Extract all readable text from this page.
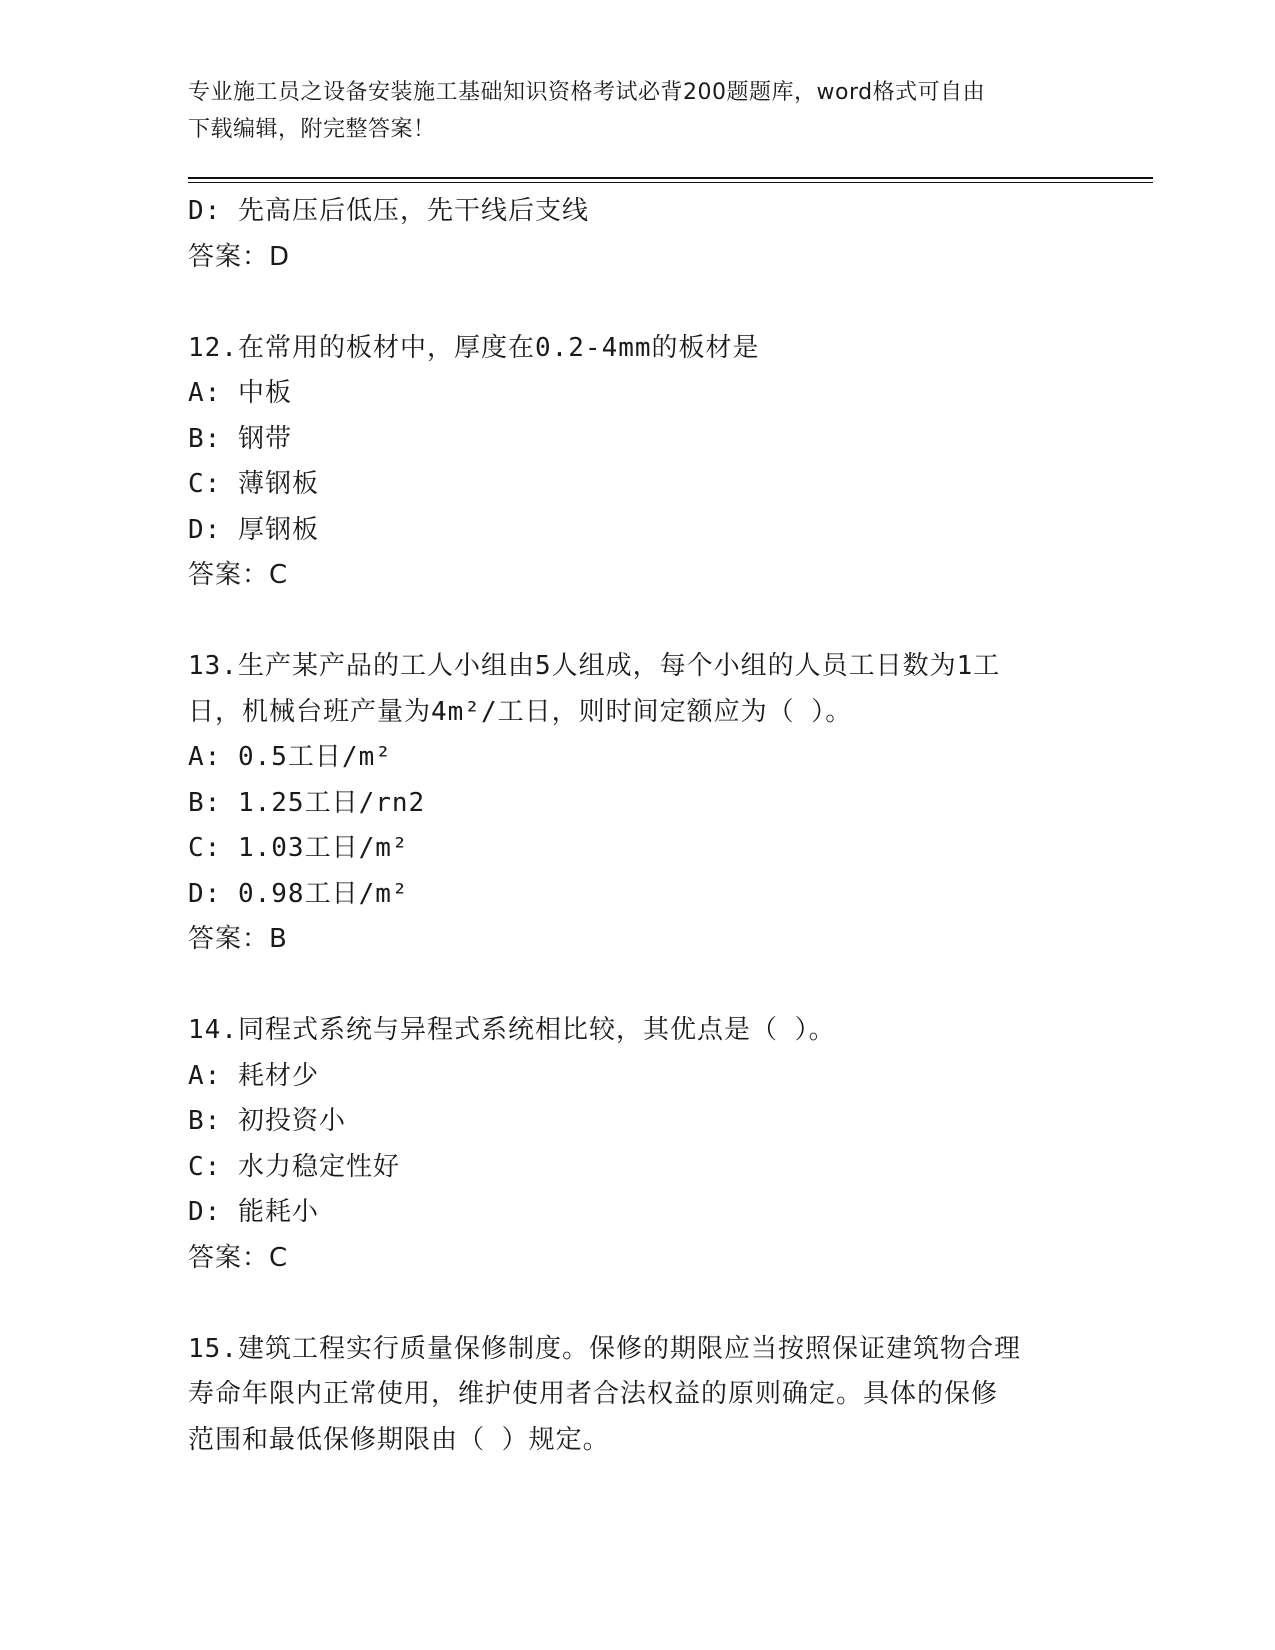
专业施工员之设备安装施工基础知识资格考试必背200题题库，word格式可自由
下载编辑，附完整答案！
D: 先高压后低压，先干线后支线
答案：D
12.在常用的板材中，厚度在0.2-4mm的板材是
A: 中板
B: 钢带
C: 薄钢板
D: 厚钢板
答案：C
13.生产某产品的工人小组由5人组成，每个小组的人员工日数为1工
日，机械台班产量为4m²/工日，则时间定额应为（ ）。
A: 0.5工日/m²
B: 1.25工日/rn2
C: 1.03工日/m²
D: 0.98工日/m²
答案：B
14.同程式系统与异程式系统相比较，其优点是（ ）。
A: 耗材少
B: 初投资小
C: 水力稳定性好
D: 能耗小
答案：C
15.建筑工程实行质量保修制度。保修的期限应当按照保证建筑物合理
寿命年限内正常使用，维护使用者合法权益的原则确定。具体的保修
范围和最低保修期限由（ ）规定。
